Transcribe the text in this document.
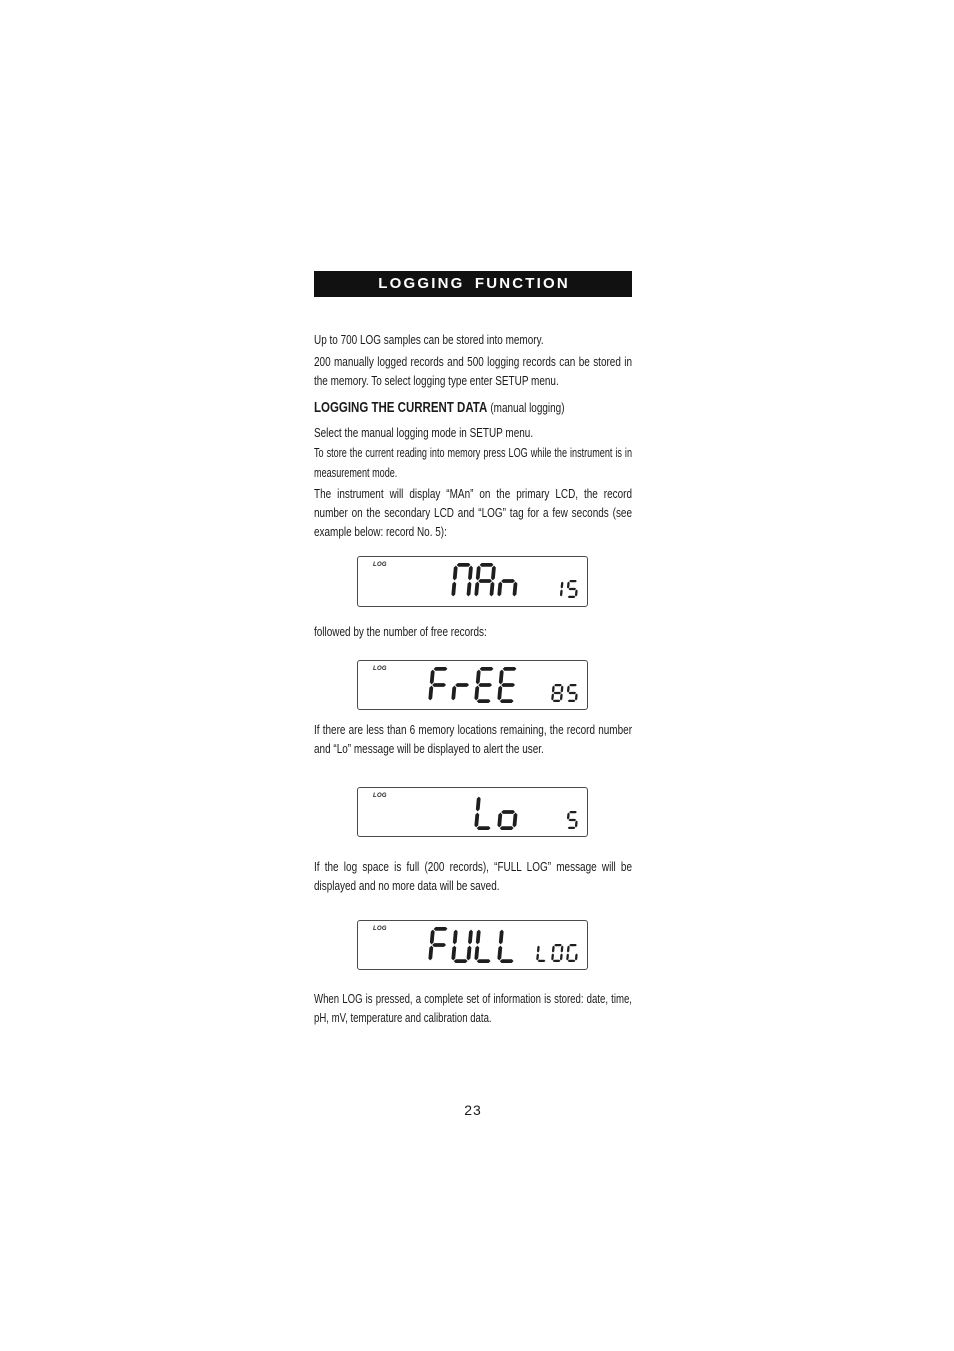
LOGGING FUNCTION

Up to 700 LOG samples can be stored into memory.

200 manually logged records and 500 logging records can be stored in the memory. To select logging type enter SETUP menu.

LOGGING THE CURRENT DATA (manual logging)

Select the manual logging mode in SETUP menu.

To store the current reading into memory press LOG while the instrument is in measurement mode.

The instrument will display “MAn” on the primary LCD, the record number on the secondary LCD and “LOG” tag for a few seconds (see example below: record No. 5):

LOG

followed by the number of free records:

LOG

If there are less than 6 memory locations remaining, the record number and “Lo” message will be displayed to alert the user.

LOG

If the log space is full (200 records), “FULL LOG” message will be displayed and no more data will be saved.

LOG

When LOG is pressed, a complete set of information is stored: date, time, pH, mV, temperature and calibration data.

23
